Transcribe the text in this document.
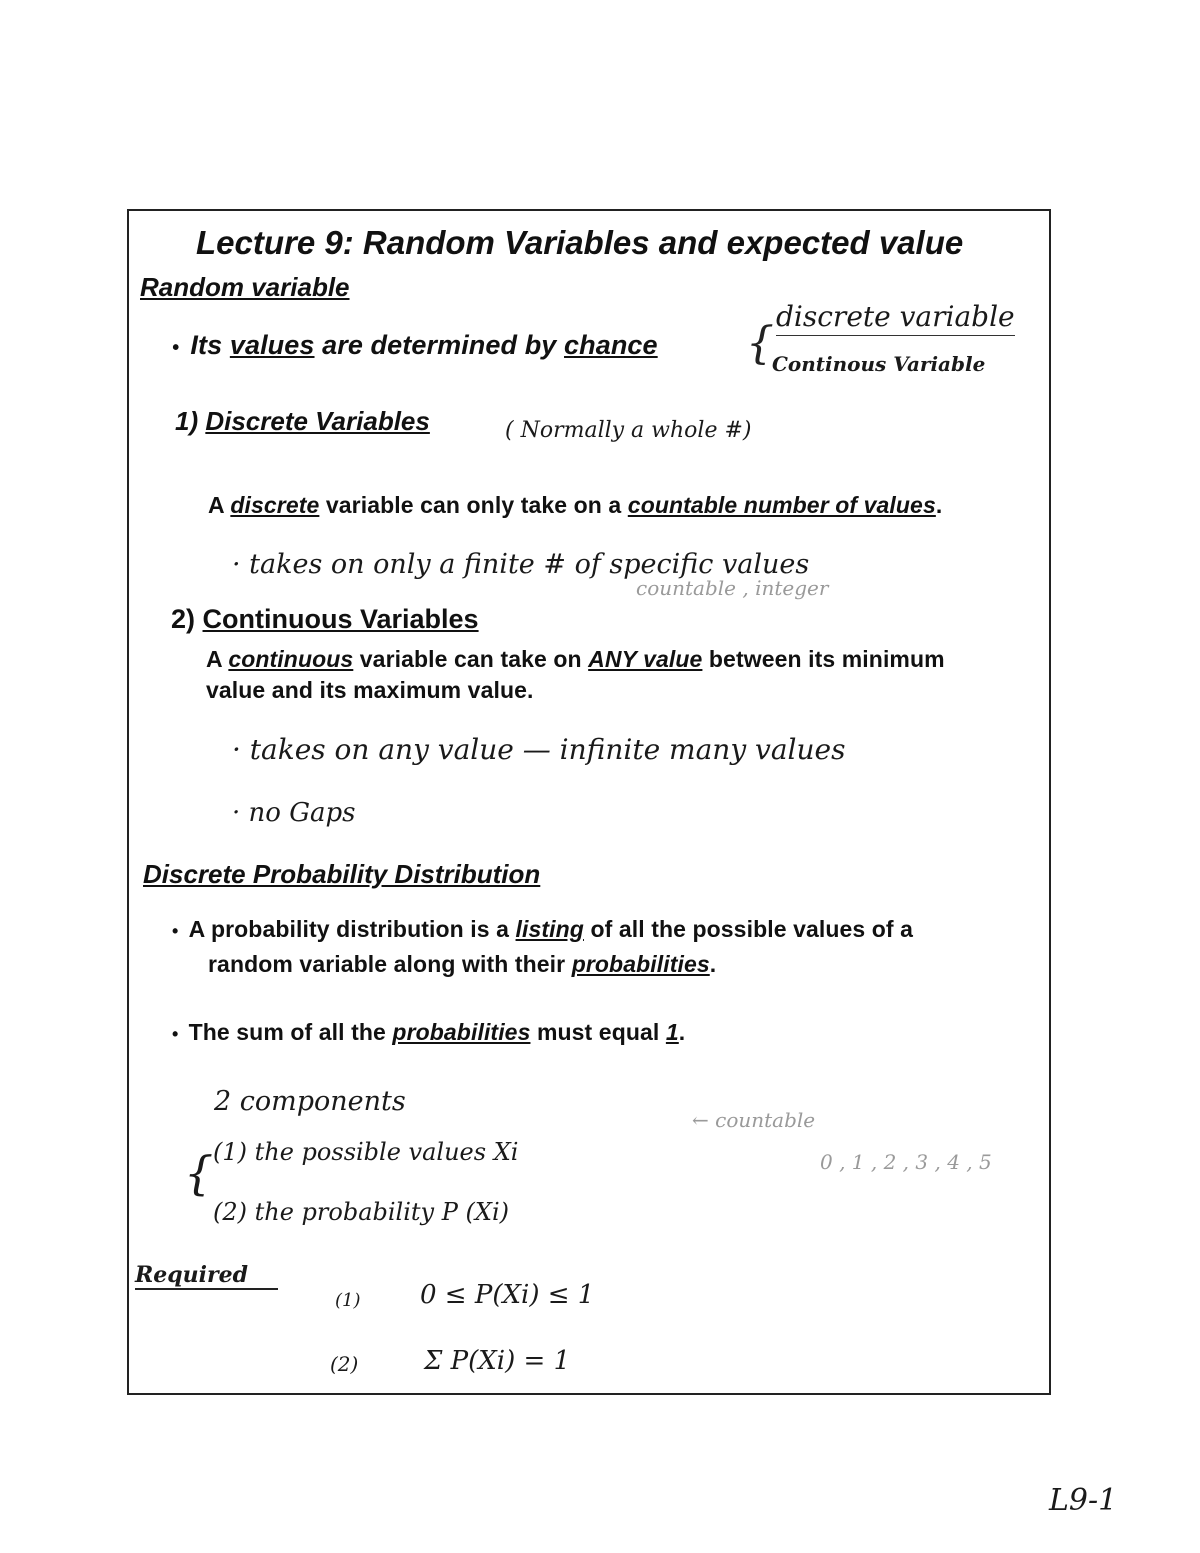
Lecture 9: Random Variables and expected value
Random variable
•  Its values are determined by chance {
discrete variable
Continous Variable
1) Discrete Variables	( Normally a whole #)
A discrete variable can only take on a countable number of values.
· takes on only a finite # of specific values
2) Continuous Variables
countable , integer
A continuous variable can take on ANY value between its minimum
value and its maximum value.
· takes on any value — infinite many values
· no Gaps
Discrete Probability Distribution
•  A probability distribution is a listing of all the possible values of a
random variable along with their probabilities.
•  The sum of all the probabilities must equal 1.
2 components
{ (1) the possible values Xi
← countable
0 , 1 , 2 , 3 , 4 , 5
(2) the probability P (Xi)
Required
(1) 0 ≤ P(Xi) ≤ 1
(2)	Σ P(Xi) = 1
L9-1
